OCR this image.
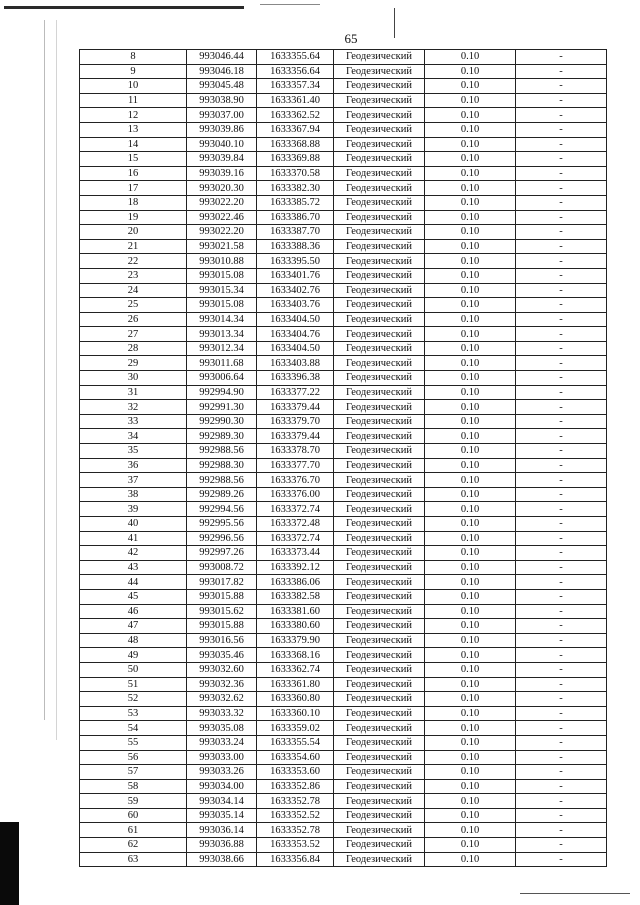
65
8	993046.44	1633355.64	Геодезический	0.10	-
9	993046.18	1633356.64	Геодезический	0.10	-
10	993045.48	1633357.34	Геодезический	0.10	-
11	993038.90	1633361.40	Геодезический	0.10	-
12	993037.00	1633362.52	Геодезический	0.10	-
13	993039.86	1633367.94	Геодезический	0.10	-
14	993040.10	1633368.88	Геодезический	0.10	-
15	993039.84	1633369.88	Геодезический	0.10	-
16	993039.16	1633370.58	Геодезический	0.10	-
17	993020.30	1633382.30	Геодезический	0.10	-
18	993022.20	1633385.72	Геодезический	0.10	-
19	993022.46	1633386.70	Геодезический	0.10	-
20	993022.20	1633387.70	Геодезический	0.10	-
21	993021.58	1633388.36	Геодезический	0.10	-
22	993010.88	1633395.50	Геодезический	0.10	-
23	993015.08	1633401.76	Геодезический	0.10	-
24	993015.34	1633402.76	Геодезический	0.10	-
25	993015.08	1633403.76	Геодезический	0.10	-
26	993014.34	1633404.50	Геодезический	0.10	-
27	993013.34	1633404.76	Геодезический	0.10	-
28	993012.34	1633404.50	Геодезический	0.10	-
29	993011.68	1633403.88	Геодезический	0.10	-
30	993006.64	1633396.38	Геодезический	0.10	-
31	992994.90	1633377.22	Геодезический	0.10	-
32	992991.30	1633379.44	Геодезический	0.10	-
33	992990.30	1633379.70	Геодезический	0.10	-
34	992989.30	1633379.44	Геодезический	0.10	-
35	992988.56	1633378.70	Геодезический	0.10	-
36	992988.30	1633377.70	Геодезический	0.10	-
37	992988.56	1633376.70	Геодезический	0.10	-
38	992989.26	1633376.00	Геодезический	0.10	-
39	992994.56	1633372.74	Геодезический	0.10	-
40	992995.56	1633372.48	Геодезический	0.10	-
41	992996.56	1633372.74	Геодезический	0.10	-
42	992997.26	1633373.44	Геодезический	0.10	-
43	993008.72	1633392.12	Геодезический	0.10	-
44	993017.82	1633386.06	Геодезический	0.10	-
45	993015.88	1633382.58	Геодезический	0.10	-
46	993015.62	1633381.60	Геодезический	0.10	-
47	993015.88	1633380.60	Геодезический	0.10	-
48	993016.56	1633379.90	Геодезический	0.10	-
49	993035.46	1633368.16	Геодезический	0.10	-
50	993032.60	1633362.74	Геодезический	0.10	-
51	993032.36	1633361.80	Геодезический	0.10	-
52	993032.62	1633360.80	Геодезический	0.10	-
53	993033.32	1633360.10	Геодезический	0.10	-
54	993035.08	1633359.02	Геодезический	0.10	-
55	993033.24	1633355.54	Геодезический	0.10	-
56	993033.00	1633354.60	Геодезический	0.10	-
57	993033.26	1633353.60	Геодезический	0.10	-
58	993034.00	1633352.86	Геодезический	0.10	-
59	993034.14	1633352.78	Геодезический	0.10	-
60	993035.14	1633352.52	Геодезический	0.10	-
61	993036.14	1633352.78	Геодезический	0.10	-
62	993036.88	1633353.52	Геодезический	0.10	-
63	993038.66	1633356.84	Геодезический	0.10	-
